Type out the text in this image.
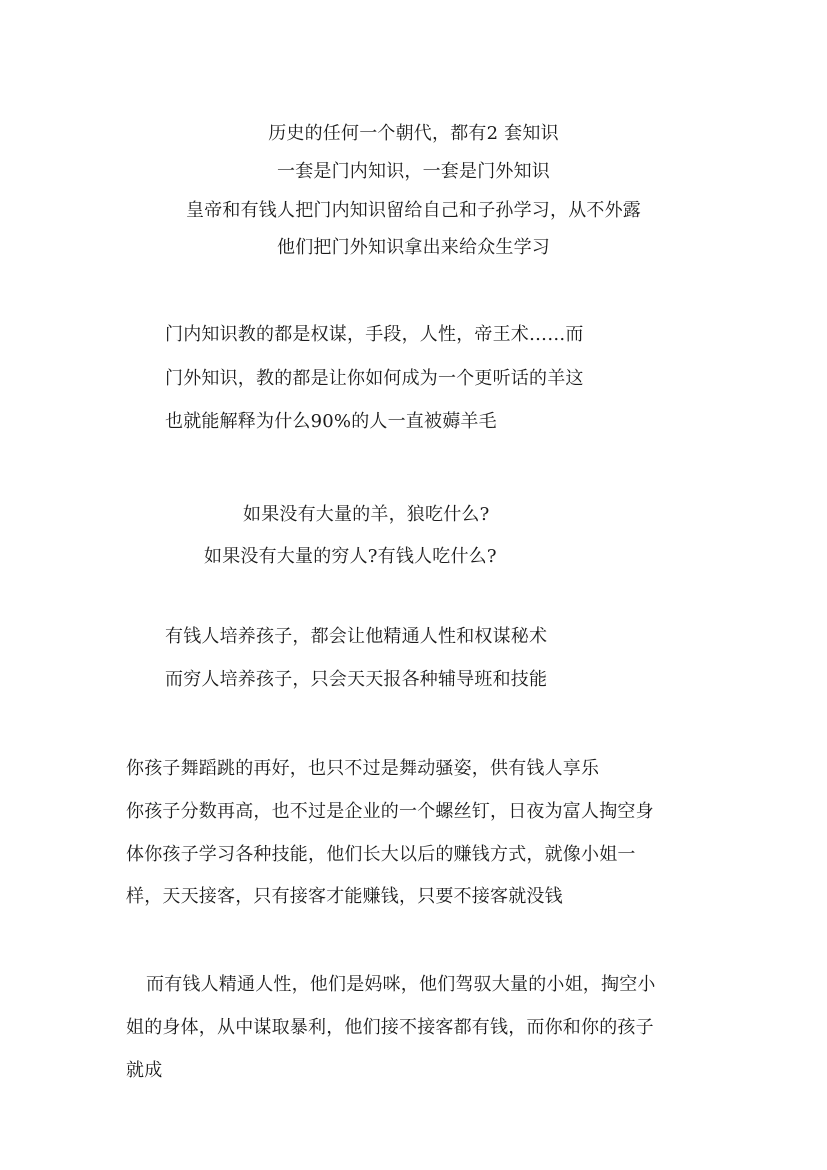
历史的任何一个朝代，都有2 套知识
一套是门内知识，一套是门外知识
皇帝和有钱人把门内知识留给自己和子孙学习，从不外露
他们把门外知识拿出来给众生学习
门内知识教的都是权谋，手段，人性，帝王术……而
门外知识，教的都是让你如何成为一个更听话的羊这
也就能解释为什么90%的人一直被薅羊毛
如果没有大量的羊，狼吃什么?
如果没有大量的穷人?有钱人吃什么?
有钱人培养孩子，都会让他精通人性和权谋秘术
而穷人培养孩子，只会天天报各种辅导班和技能
你孩子舞蹈跳的再好，也只不过是舞动骚姿，供有钱人享乐
你孩子分数再高，也不过是企业的一个螺丝钉，日夜为富人掏空身
体你孩子学习各种技能，他们长大以后的赚钱方式，就像小姐一
样，天天接客，只有接客才能赚钱，只要不接客就没钱
而有钱人精通人性，他们是妈咪，他们驾驭大量的小姐，掏空小
姐的身体，从中谋取暴利，他们接不接客都有钱，而你和你的孩子
就成
